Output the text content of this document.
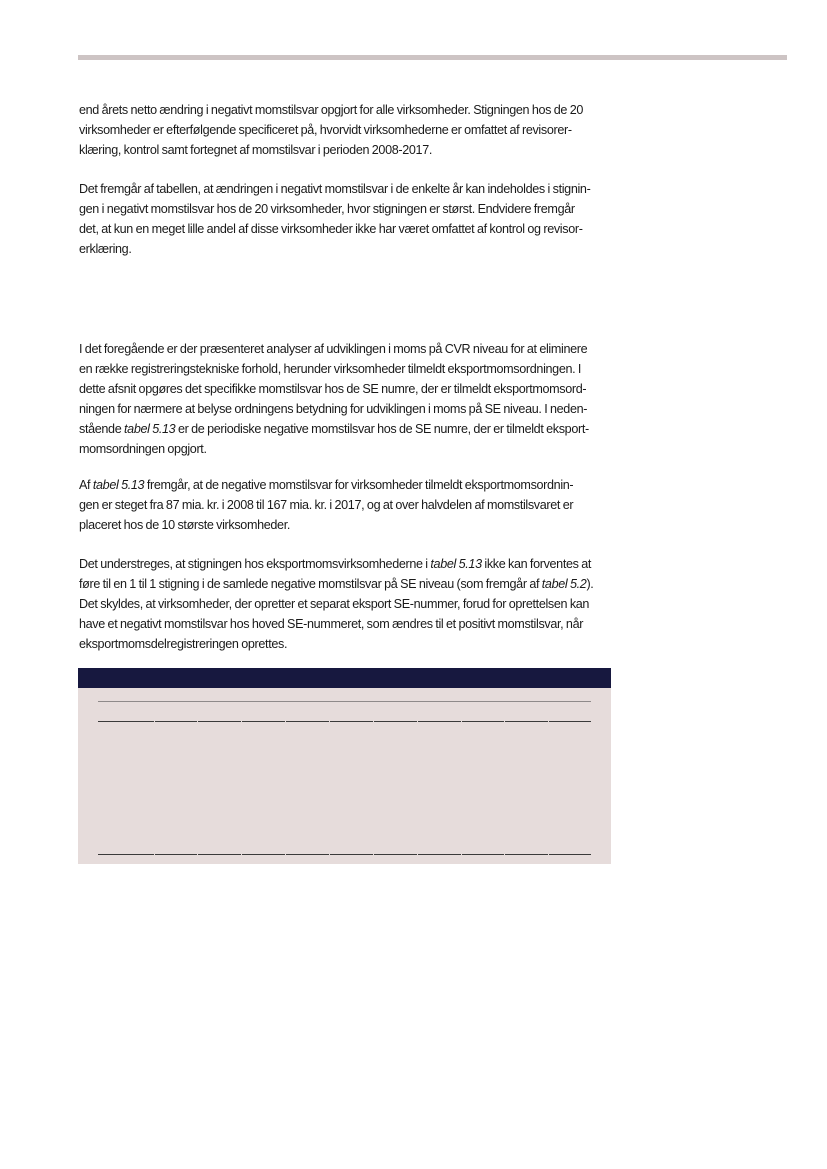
end årets netto ændring i negativt momstilsvar opgjort for alle virksomheder. Stigningen hos de 20
virksomheder er efterfølgende specificeret på, hvorvidt virksomhederne er omfattet af revisorer-
klæring, kontrol samt fortegnet af momstilsvar i perioden 2008-2017.

Det fremgår af tabellen, at ændringen i negativt momstilsvar i de enkelte år kan indeholdes i stignin-
gen i negativt momstilsvar hos de 20 virksomheder, hvor stigningen er størst. Endvidere fremgår
det, at kun en meget lille andel af disse virksomheder ikke har været omfattet af kontrol og revisor-
erklæring.

I det foregående er der præsenteret analyser af udviklingen i moms på CVR niveau for at eliminere
en række registreringstekniske forhold, herunder virksomheder tilmeldt eksportmomsordningen. I
dette afsnit opgøres det specifikke momstilsvar hos de SE numre, der er tilmeldt eksportmomsord-
ningen for nærmere at belyse ordningens betydning for udviklingen i moms på SE niveau. I neden-
stående tabel 5.13 er de periodiske negative momstilsvar hos de SE numre, der er tilmeldt eksport-
momsordningen opgjort.

Af tabel 5.13 fremgår, at de negative momstilsvar for virksomheder tilmeldt eksportmomsordnin-
gen er steget fra 87 mia. kr. i 2008 til 167 mia. kr. i 2017, og at over halvdelen af momstilsvaret er
placeret hos de 10 største virksomheder.

Det understreges, at stigningen hos eksportmomsvirksomhederne i tabel 5.13 ikke kan forventes at
føre til en 1 til 1 stigning i de samlede negative momstilsvar på SE niveau (som fremgår af tabel 5.2).
Det skyldes, at virksomheder, der opretter et separat eksport SE-nummer, forud for oprettelsen kan
have et negativt momstilsvar hos hoved SE-nummeret, som ændres til et positivt momstilsvar, når
eksportmomsdelregistreringen oprettes.
